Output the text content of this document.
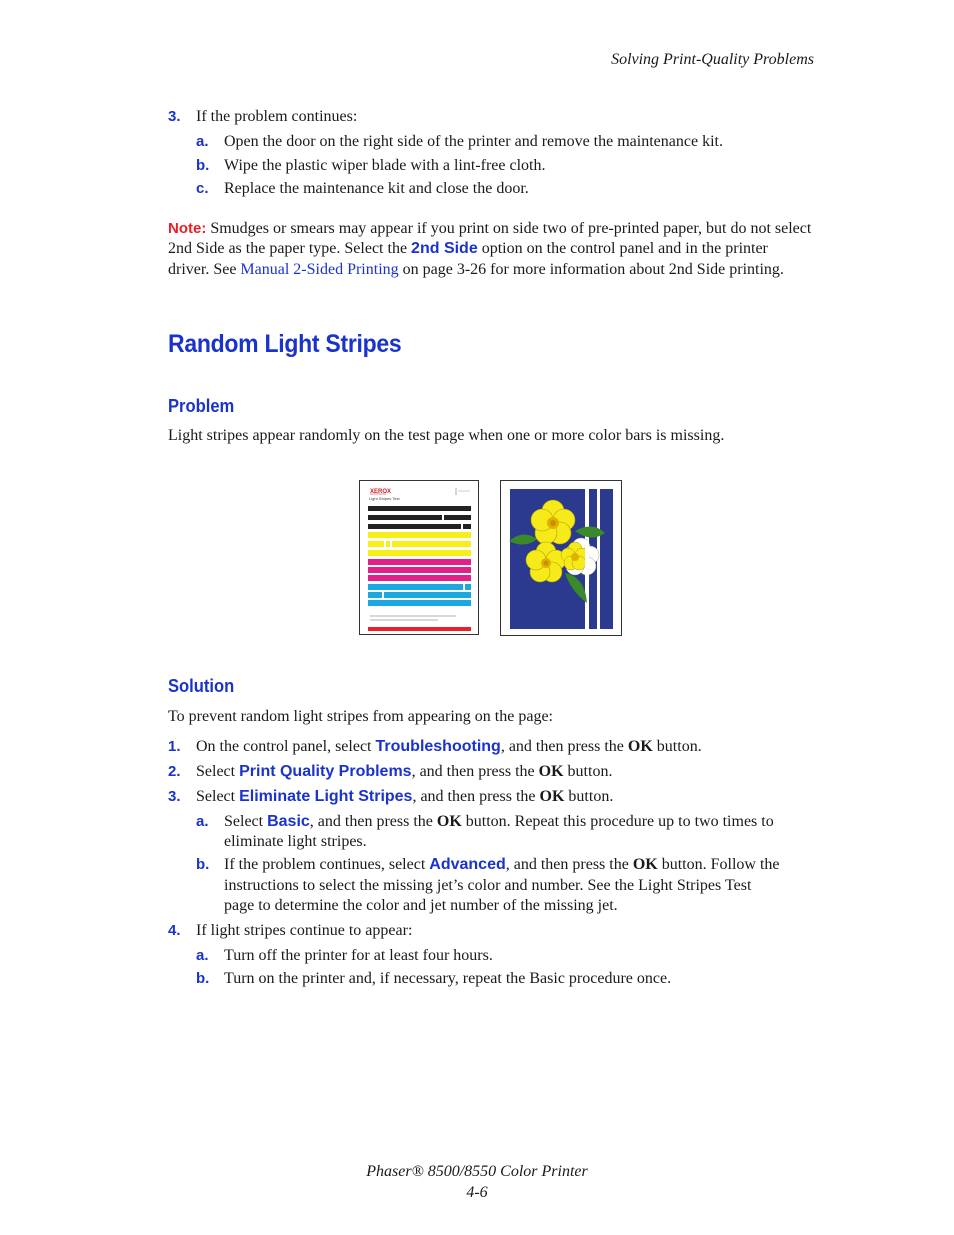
Solving Print-Quality Problems
3. If the problem continues:
a. Open the door on the right side of the printer and remove the maintenance kit.
b. Wipe the plastic wiper blade with a lint-free cloth.
c. Replace the maintenance kit and close the door.
Note: Smudges or smears may appear if you print on side two of pre-printed paper, but do not select 2nd Side as the paper type. Select the 2nd Side option on the control panel and in the printer driver. See Manual 2-Sided Printing on page 3-26 for more information about 2nd Side printing.
Random Light Stripes
Problem
Light stripes appear randomly on the test page when one or more color bars is missing.
XEROX
Light Stripes Test
Solution
To prevent random light stripes from appearing on the page:
1. On the control panel, select Troubleshooting, and then press the OK button.
2. Select Print Quality Problems, and then press the OK button.
3. Select Eliminate Light Stripes, and then press the OK button.
a. Select Basic, and then press the OK button. Repeat this procedure up to two times to
eliminate light stripes.
b. If the problem continues, select Advanced, and then press the OK button. Follow the
instructions to select the missing jet’s color and number. See the Light Stripes Test
page to determine the color and jet number of the missing jet.
4. If light stripes continue to appear:
a. Turn off the printer for at least four hours.
b. Turn on the printer and, if necessary, repeat the Basic procedure once.
Phaser® 8500/8550 Color Printer
4-6
